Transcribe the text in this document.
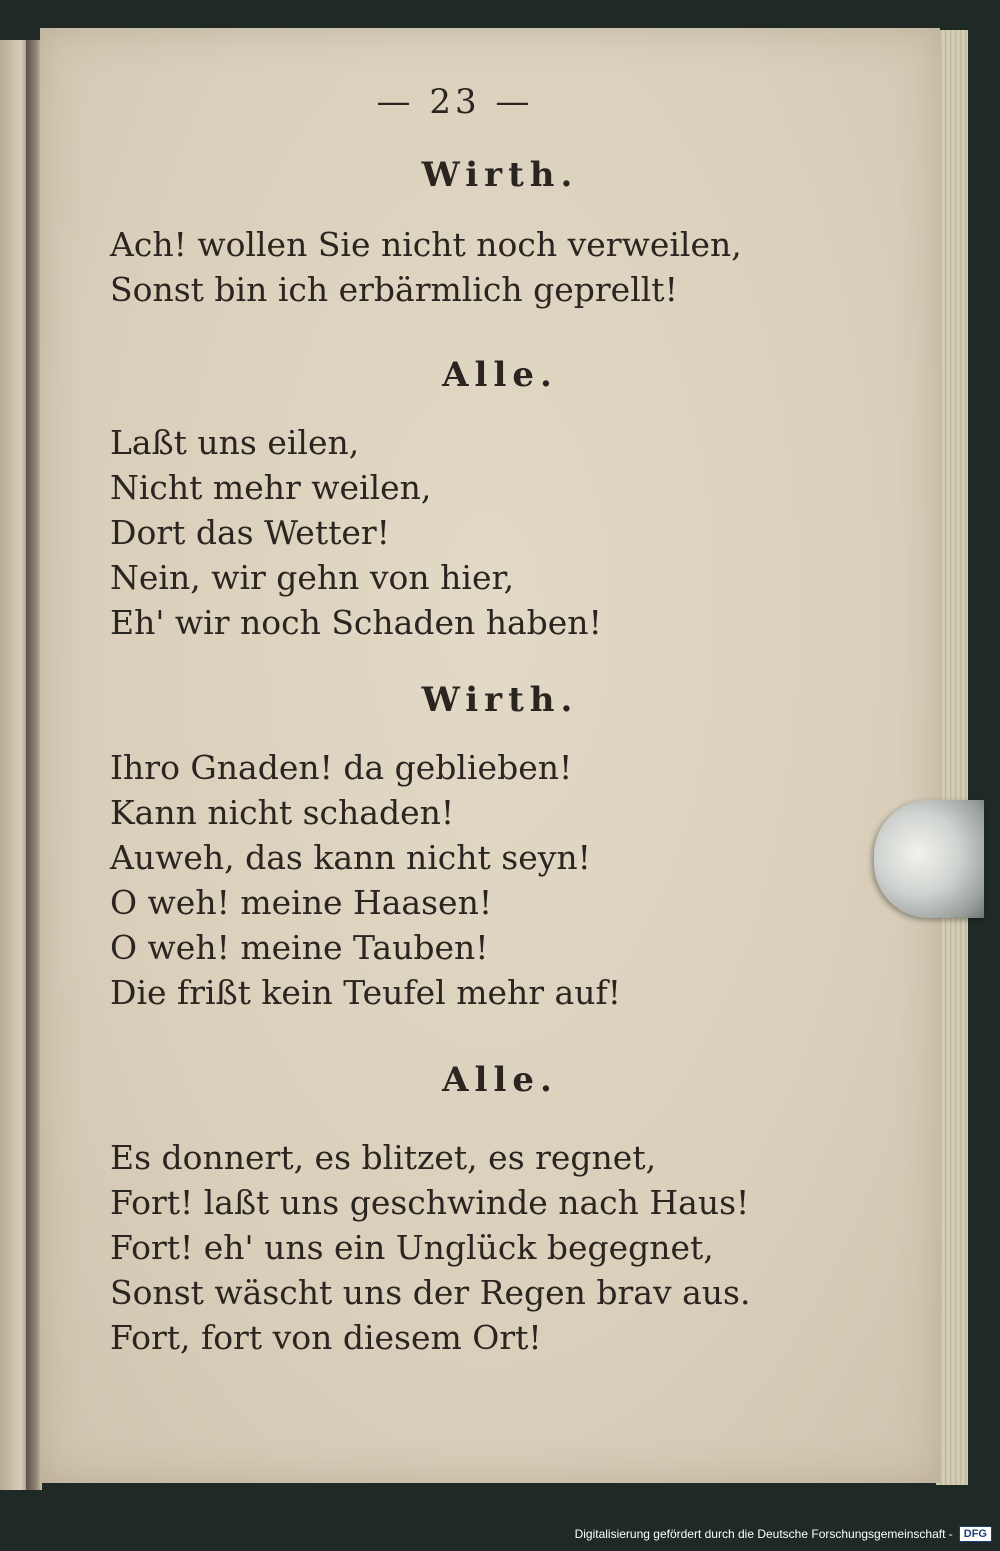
— 23 —
Wirth.
Ach! wollen Sie nicht noch verweilen,
Sonst bin ich erbärmlich geprellt!
Alle.
Laßt uns eilen,
Nicht mehr weilen,
Dort das Wetter!
Nein, wir gehn von hier,
Eh' wir noch Schaden haben!
Wirth.
Ihro Gnaden! da geblieben!
Kann nicht schaden!
Auweh, das kann nicht seyn!
O weh! meine Haasen!
O weh! meine Tauben!
Die frißt kein Teufel mehr auf!
Alle.
Es donnert, es blitzet, es regnet,
Fort! laßt uns geschwinde nach Haus!
Fort! eh' uns ein Unglück begegnet,
Sonst wäscht uns der Regen brav aus.
Fort, fort von diesem Ort!
Digitalisierung gefördert durch die Deutsche Forschungsgemeinschaft -	DFG
